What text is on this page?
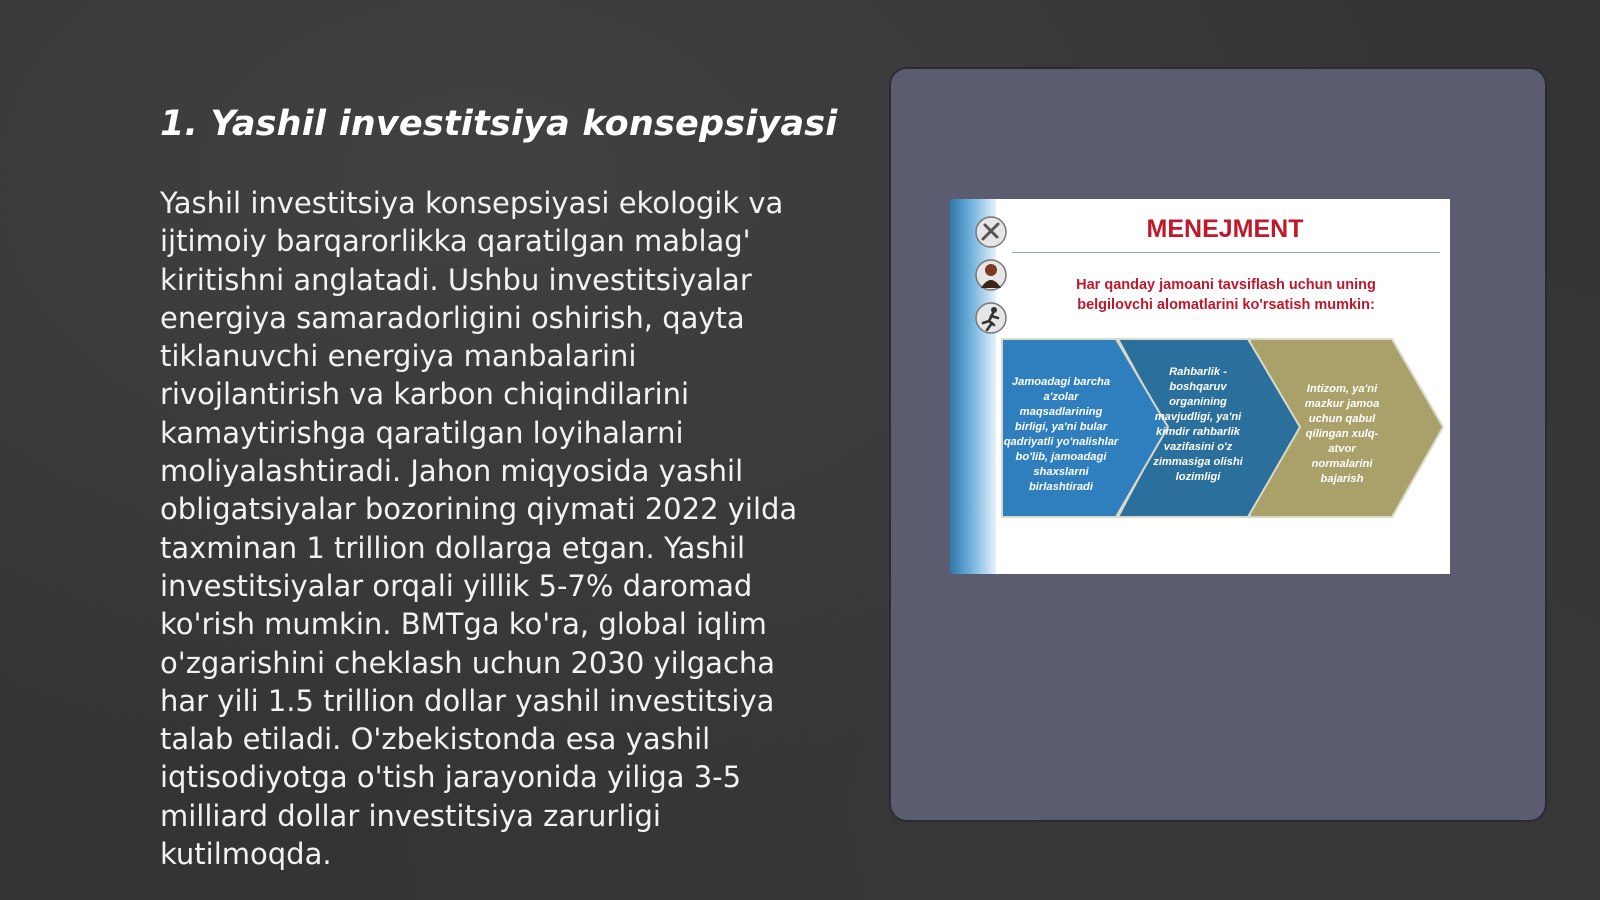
1. Yashil investitsiya konsepsiyasi

Yashil investitsiya konsepsiyasi ekologik va ijtimoiy barqarorlikka qaratilgan mablag' kiritishni anglatadi. Ushbu investitsiyalar energiya samaradorligini oshirish, qayta tiklanuvchi energiya manbalarini rivojlantirish va karbon chiqindilarini kamaytirishga qaratilgan loyihalarni moliyalashtiradi. Jahon miqyosida yashil obligatsiyalar bozorining qiymati 2022 yilda taxminan 1 trillion dollarga etgan. Yashil investitsiyalar orqali yillik 5-7% daromad ko'rish mumkin. BMTga ko'ra, global iqlim o'zgarishini cheklash uchun 2030 yilgacha har yili 1.5 trillion dollar yashil investitsiya talab etiladi. O'zbekistonda esa yashil iqtisodiyotga o'tish jarayonida yiliga 3-5 milliard dollar investitsiya zarurligi kutilmoqda.

MENEJMENT
Har qanday jamoani tavsiflash uchun uning
belgilovchi alomatlarini ko'rsatish mumkin:
Jamoadagi barcha a'zolar maqsadlarining birligi, ya'ni bular qadriyatli yo'nalishlar bo'lib, jamoadagi shaxslarni birlashtiradi
Rahbarlik - boshqaruv organining mavjudligi, ya'ni kimdir rahbarlik vazifasini o'z zimmasiga olishi lozimligi
Intizom, ya'ni mazkur jamoa uchun qabul qilingan xulq-atvor normalarini bajarish
